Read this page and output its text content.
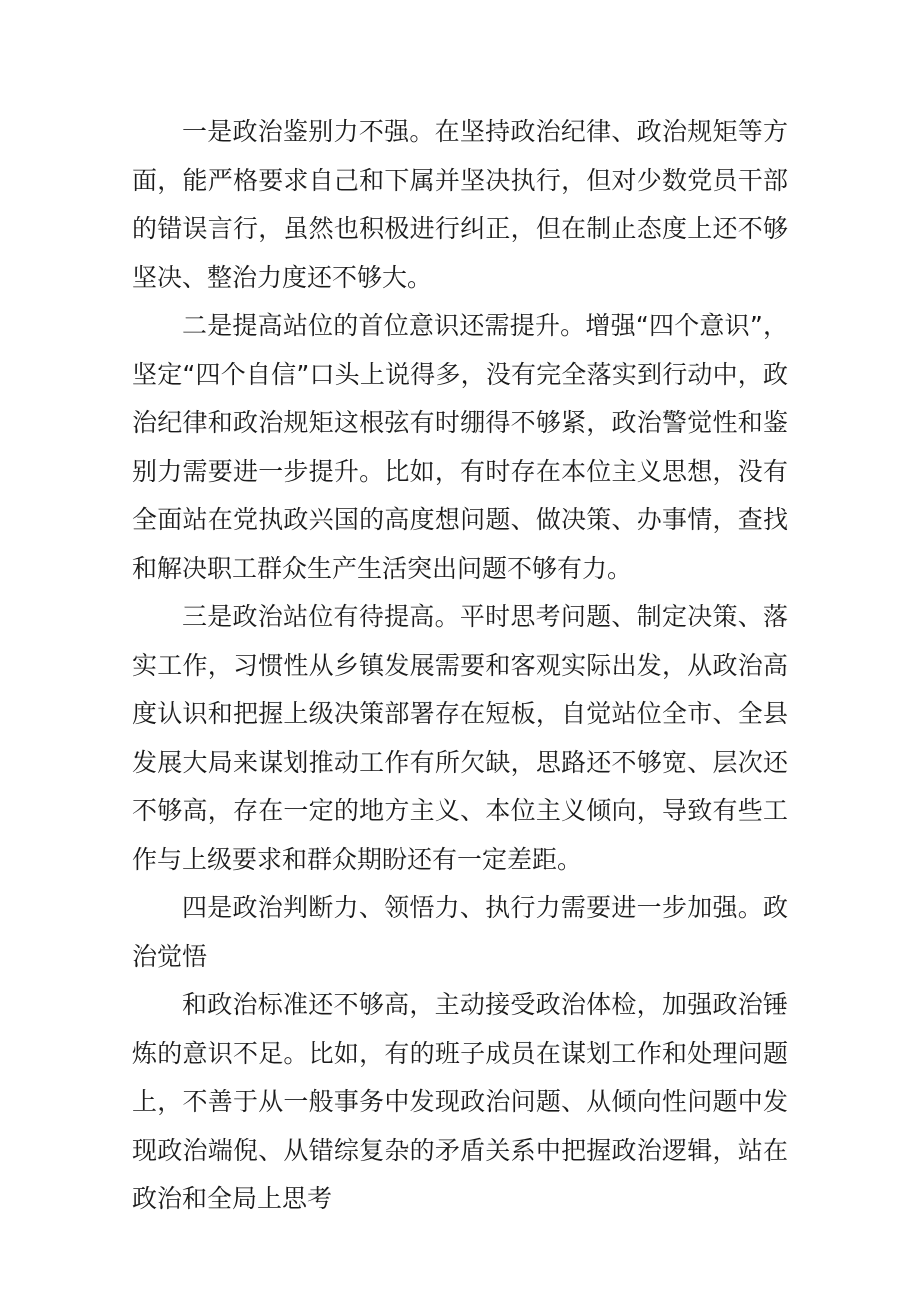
一是政治鉴别力不强。在坚持政治纪律、政治规矩等方面，能严格要求自己和下属并坚决执行，但对少数党员干部的错误言行，虽然也积极进行纠正，但在制止态度上还不够坚决、整治力度还不够大。

二是提高站位的首位意识还需提升。增强“四个意识”，坚定“四个自信”口头上说得多，没有完全落实到行动中，政治纪律和政治规矩这根弦有时绷得不够紧，政治警觉性和鉴别力需要进一步提升。比如，有时存在本位主义思想，没有全面站在党执政兴国的高度想问题、做决策、办事情，查找和解决职工群众生产生活突出问题不够有力。

三是政治站位有待提高。平时思考问题、制定决策、落实工作，习惯性从乡镇发展需要和客观实际出发，从政治高度认识和把握上级决策部署存在短板，自觉站位全市、全县发展大局来谋划推动工作有所欠缺，思路还不够宽、层次还不够高，存在一定的地方主义、本位主义倾向，导致有些工作与上级要求和群众期盼还有一定差距。

四是政治判断力、领悟力、执行力需要进一步加强。政治觉悟

和政治标准还不够高，主动接受政治体检，加强政治锤炼的意识不足。比如，有的班子成员在谋划工作和处理问题上，不善于从一般事务中发现政治问题、从倾向性问题中发现政治端倪、从错综复杂的矛盾关系中把握政治逻辑，站在政治和全局上思考
